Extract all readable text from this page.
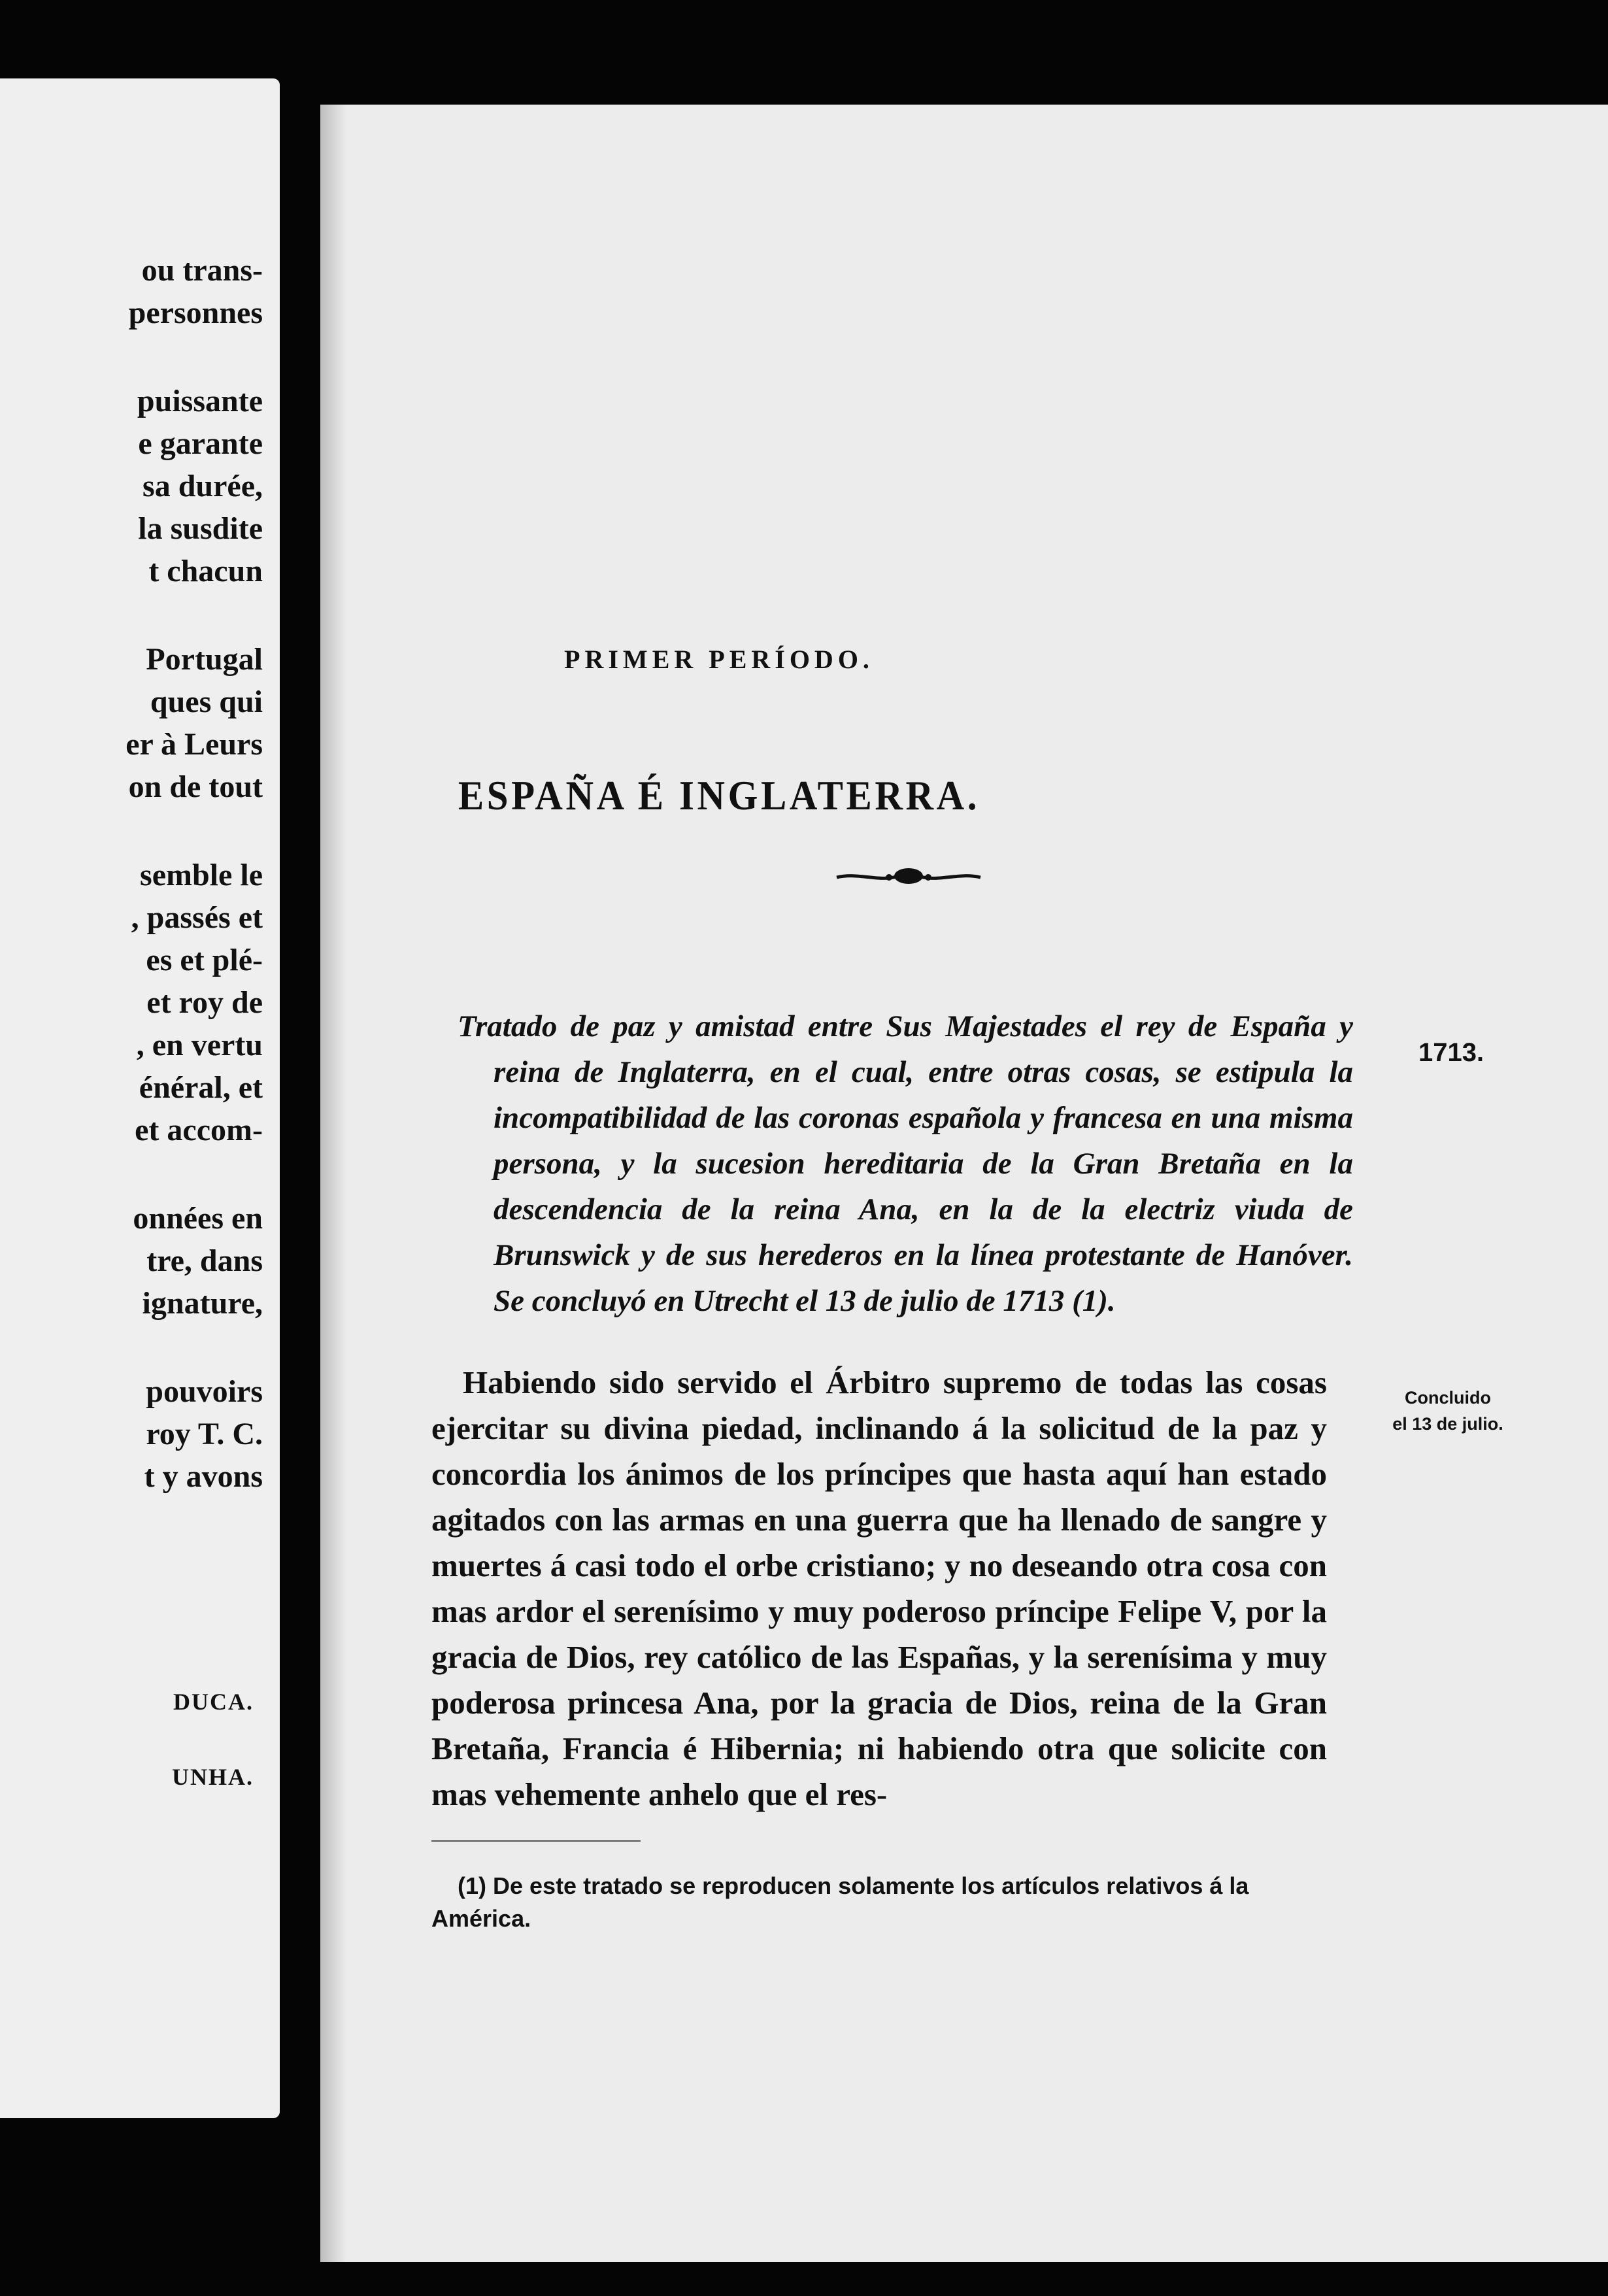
ou trans-
personnes
puissante
e garante
sa durée,
la susdite
t chacun
Portugal
ques qui
er à Leurs
on de tout
semble le
, passés et
es et plé-
et roy de
, en vertu
énéral, et
et accom-
onnées en
tre, dans
ignature,
pouvoirs
roy T. C.
t y avons
DUCA.
UNHA.
PRIMER PERÍODO.
ESPAÑA É INGLATERRA.
Tratado de paz y amistad entre Sus Majestades el rey de España y reina de Inglaterra, en el cual, entre otras cosas, se estipula la incompatibilidad de las coronas española y francesa en una misma persona, y la sucesion hereditaria de la Gran Bretaña en la descendencia de la reina Ana, en la de la electriz viuda de Brunswick y de sus herederos en la línea protestante de Hanóver. Se concluyó en Utrecht el 13 de julio de 1713 (1).
1713.
Habiendo sido servido el Árbitro supremo de todas las cosas ejercitar su divina piedad, inclinando á la solicitud de la paz y concordia los ánimos de los príncipes que hasta aquí han estado agitados con las armas en una guerra que ha llenado de sangre y muertes á casi todo el orbe cristiano; y no deseando otra cosa con mas ardor el serenísimo y muy poderoso príncipe Felipe V, por la gracia de Dios, rey católico de las Españas, y la serenísima y muy poderosa princesa Ana, por la gracia de Dios, reina de la Gran Bretaña, Francia é Hibernia; ni habiendo otra que solicite con mas vehemente anhelo que el res-
Concluido
el 13 de julio.
(1) De este tratado se reproducen solamente los artículos relativos á la América.
